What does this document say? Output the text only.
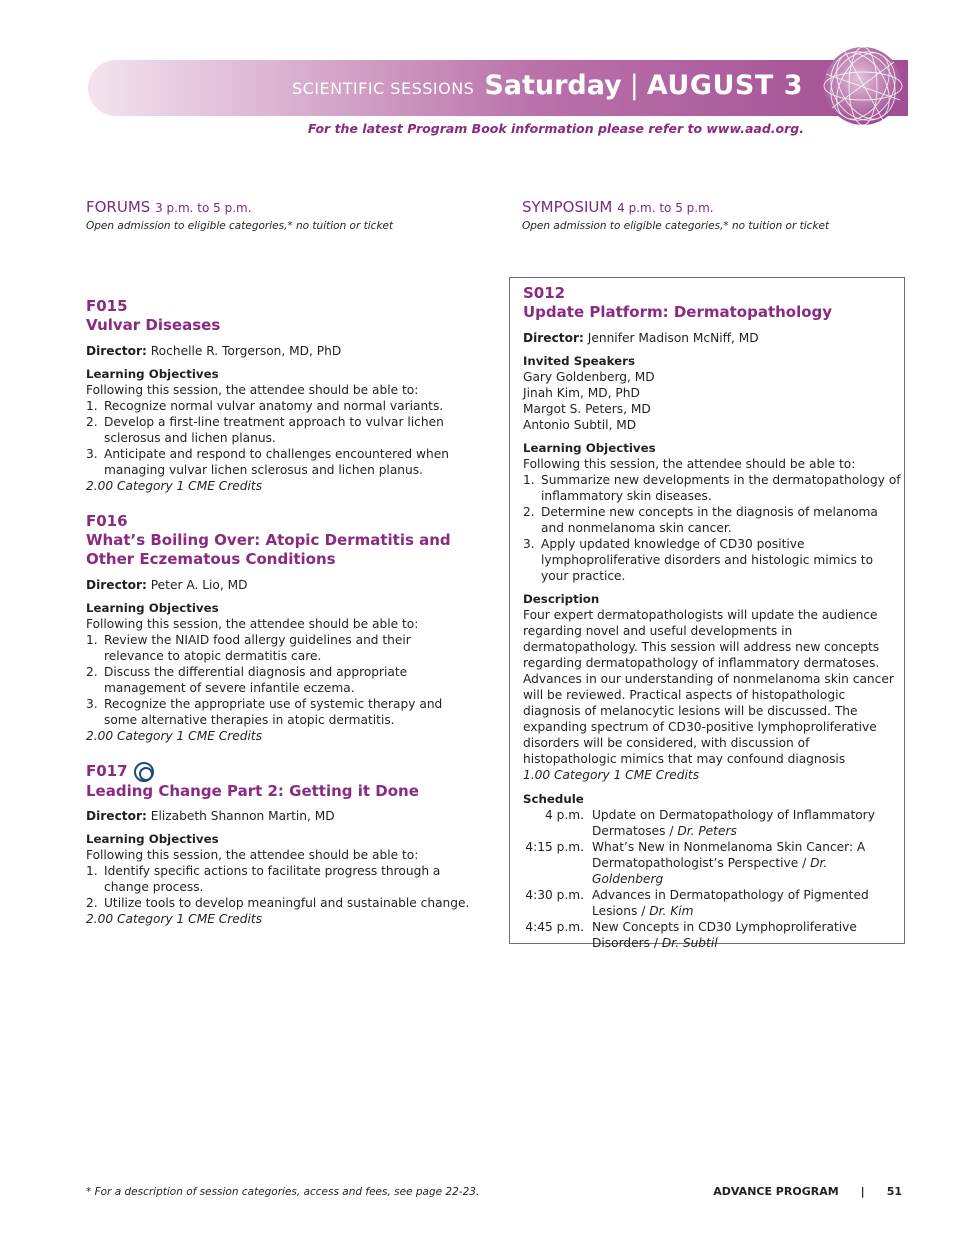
SCIENTIFIC SESSIONS Saturday | AUGUST 3
For the latest Program Book information please refer to www.aad.org.
FORUMS 3 p.m. to 5 p.m.
Open admission to eligible categories,* no tuition or ticket
SYMPOSIUM 4 p.m. to 5 p.m.
Open admission to eligible categories,* no tuition or ticket
F015
Vulvar Diseases
Director: Rochelle R. Torgerson, MD, PhD
Learning Objectives
Following this session, the attendee should be able to:
1. Recognize normal vulvar anatomy and normal variants.
2. Develop a first-line treatment approach to vulvar lichen sclerosus and lichen planus.
3. Anticipate and respond to challenges encountered when managing vulvar lichen sclerosus and lichen planus.
2.00 Category 1 CME Credits
F016
What’s Boiling Over: Atopic Dermatitis and Other Eczematous Conditions
Director: Peter A. Lio, MD
Learning Objectives
Following this session, the attendee should be able to:
1. Review the NIAID food allergy guidelines and their relevance to atopic dermatitis care.
2. Discuss the differential diagnosis and appropriate management of severe infantile eczema.
3. Recognize the appropriate use of systemic therapy and some alternative therapies in atopic dermatitis.
2.00 Category 1 CME Credits
F017
Leading Change Part 2: Getting it Done
Director: Elizabeth Shannon Martin, MD
Learning Objectives
Following this session, the attendee should be able to:
1. Identify specific actions to facilitate progress through a change process.
2. Utilize tools to develop meaningful and sustainable change.
2.00 Category 1 CME Credits
S012
Update Platform: Dermatopathology
Director: Jennifer Madison McNiff, MD
Invited Speakers
Gary Goldenberg, MD
Jinah Kim, MD, PhD
Margot S. Peters, MD
Antonio Subtil, MD
Learning Objectives
Following this session, the attendee should be able to:
1. Summarize new developments in the dermatopathology of inflammatory skin diseases.
2. Determine new concepts in the diagnosis of melanoma and nonmelanoma skin cancer.
3. Apply updated knowledge of CD30 positive lymphoproliferative disorders and histologic mimics to your practice.
Description
Four expert dermatopathologists will update the audience regarding novel and useful developments in dermatopathology. This session will address new concepts regarding dermatopathology of inflammatory dermatoses. Advances in our understanding of nonmelanoma skin cancer will be reviewed. Practical aspects of histopathologic diagnosis of melanocytic lesions will be discussed. The expanding spectrum of CD30-positive lymphoproliferative disorders will be considered, with discussion of histopathologic mimics that may confound diagnosis
1.00 Category 1 CME Credits
Schedule
4 p.m. Update on Dermatopathology of Inflammatory Dermatoses / Dr. Peters
4:15 p.m. What’s New in Nonmelanoma Skin Cancer: A Dermatopathologist’s Perspective / Dr. Goldenberg
4:30 p.m. Advances in Dermatopathology of Pigmented Lesions / Dr. Kim
4:45 p.m. New Concepts in CD30 Lymphoproliferative Disorders / Dr. Subtil
* For a description of session categories, access and fees, see page 22-23.	ADVANCE PROGRAM | 51
